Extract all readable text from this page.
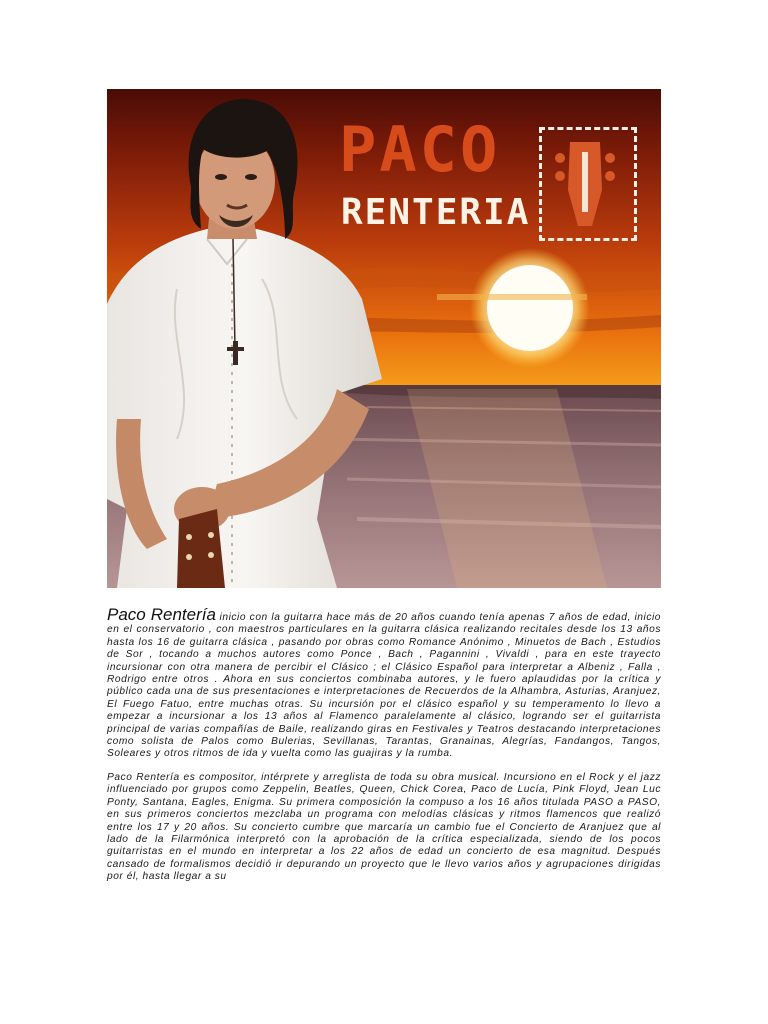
PACO

RENTERIA

Paco Rentería inicio con la guitarra hace más de 20 años cuando tenía apenas 7 años de edad, inicio en el conservatorio , con maestros particulares en la guitarra clásica realizando recitales desde los 13 años hasta los 16 de guitarra clásica , pasando por obras como Romance Anónimo , Minuetos de Bach , Estudios de Sor , tocando a muchos autores como Ponce , Bach , Pagannini , Vivaldi , para en este trayecto incursionar con otra manera de percibir el Clásico ; el Clásico Español para interpretar a Albeniz , Falla , Rodrigo entre otros . Ahora en sus conciertos combinaba autores, y le fuero aplaudidas por la crítica y público cada una de sus presentaciones e interpretaciones de Recuerdos de la Alhambra, Asturias, Aranjuez, El Fuego Fatuo, entre muchas otras. Su incursión por el clásico español y su temperamento lo llevo a empezar a incursionar a los 13 años al Flamenco paralelamente al clásico, logrando ser el guitarrista principal de varias compañías de Baile, realizando giras en Festivales y Teatros destacando interpretaciones como solista de Palos como Bulerias, Sevillanas, Tarantas, Granainas, Alegrías, Fandangos, Tangos, Soleares y otros ritmos de ida y vuelta como las guajiras y la rumba.

Paco Rentería es compositor, intérprete y arreglista de toda su obra musical. Incursiono en el Rock y el jazz influenciado por grupos como Zeppelin, Beatles, Queen, Chick Corea, Paco de Lucía, Pink Floyd, Jean Luc Ponty, Santana, Eagles, Enigma. Su primera composición la compuso a los 16 años titulada PASO a PASO, en sus primeros conciertos mezclaba un programa con melodías clásicas y ritmos flamencos que realizó entre los 17 y 20 años. Su concierto cumbre que marcaría un cambio fue el Concierto de Aranjuez que al lado de la Filarmónica interpretó con la aprobación de la crítica especializada, siendo de los pocos guitarristas en el mundo en interpretar a los 22 años de edad un concierto de esa magnitud. Después cansado de formalismos decidió ir depurando un proyecto que le llevo varios años y agrupaciones dirigidas por él, hasta llegar a su
